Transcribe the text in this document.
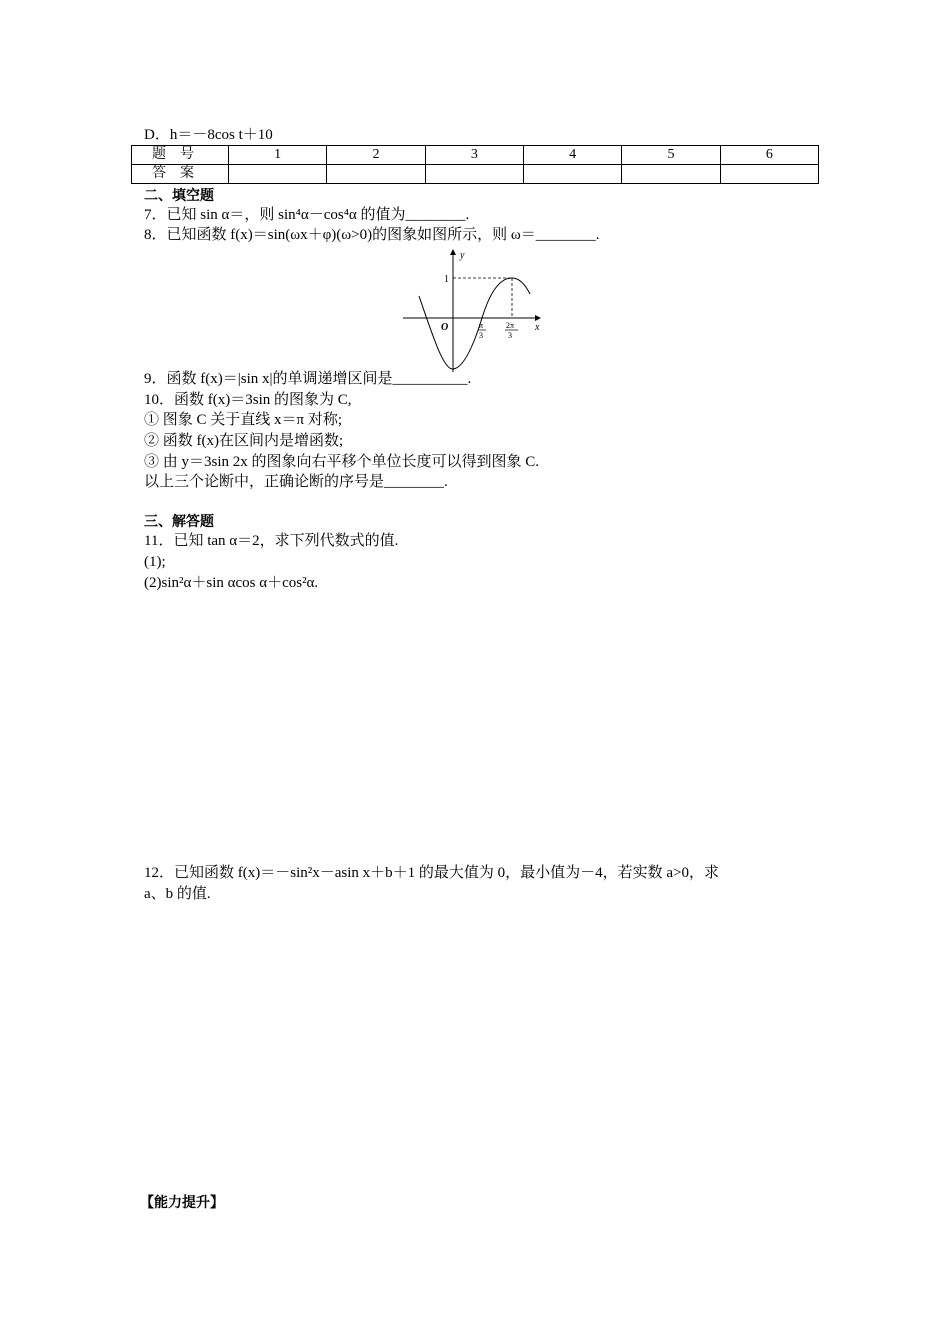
D．h＝－8cos t＋10
题号	1	2	3	4	5	6
答案						
二、填空题
7．已知 sin α＝，则 sin⁴α－cos⁴α 的值为________.
8．已知函数 f(x)＝sin(ωx＋φ)(ω>0)的图象如图所示，则 ω＝________.
y
1
O	x
π
3
2π
3
9．函数 f(x)＝|sin x|的单调递增区间是__________.
10．函数 f(x)＝3sin 的图象为 C,
① 图象 C 关于直线 x＝π 对称;
② 函数 f(x)在区间内是增函数;
③ 由 y＝3sin 2x 的图象向右平移个单位长度可以得到图象 C.
以上三个论断中，正确论断的序号是________.
三、解答题
11．已知 tan α＝2，求下列代数式的值.
(1);
(2)sin²α＋sin αcos α＋cos²α.
12．已知函数 f(x)＝－sin²x－asin x＋b＋1 的最大值为 0，最小值为－4，若实数 a>0，求
a、b 的值.
【能力提升】
